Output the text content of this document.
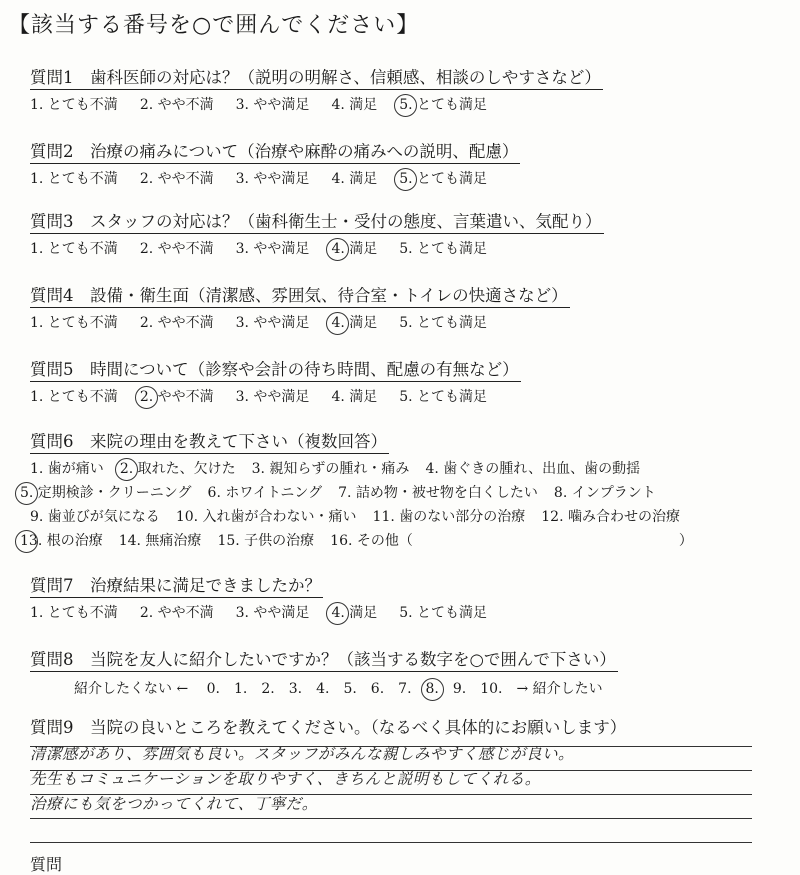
【該当する番号を○で囲んでください】
質問1　歯科医師の対応は？（説明の明解さ、信頼感、相談のしやすさなど）
1. とても不満 2. やや不満 3. やや満足 4. 満足 5. とても満足
質問2　治療の痛みについて（治療や麻酔の痛みへの説明、配慮）
1. とても不満 2. やや不満 3. やや満足 4. 満足 5. とても満足
質問3　スタッフの対応は？（歯科衛生士・受付の態度、言葉遣い、気配り）
1. とても不満 2. やや不満 3. やや満足 4. 満足 5. とても満足
質問4　設備・衛生面（清潔感、雰囲気、待合室・トイレの快適さなど）
1. とても不満 2. やや不満 3. やや満足 4. 満足 5. とても満足
質問5　時間について（診察や会計の待ち時間、配慮の有無など）
1. とても不満 2. やや不満 3. やや満足 4. 満足 5. とても満足
質問6　来院の理由を教えて下さい（複数回答）
1. 歯が痛い 2. 取れた、欠けた 3. 親知らずの腫れ・痛み 4. 歯ぐきの腫れ、出血、歯の動揺
5. 定期検診・クリーニング 6. ホワイトニング 7. 詰め物・被せ物を白くしたい 8. インプラント
9. 歯並びが気になる 10. 入れ歯が合わない・痛い 11. 歯のない部分の治療 12. 噛み合わせの治療
13. 根の治療 14. 無痛治療 15. 子供の治療 16. その他（	）
質問7　治療結果に満足できましたか？
1. とても不満 2. やや不満 3. やや満足 4. 満足 5. とても満足
質問8　当院を友人に紹介したいですか？（該当する数字を○で囲んで下さい）
紹介したくない ← 0. 1. 2. 3. 4. 5. 6. 7. 8. 9. 10. → 紹介したい
質問9　当院の良いところを教えてください。（なるべく具体的にお願いします）
清潔感があり、雰囲気も良い。スタッフがみんな親しみやすく感じが良い。
先生もコミュニケーションを取りやすく、きちんと説明もしてくれる。
治療にも気をつかってくれて、丁寧だ。
質問
